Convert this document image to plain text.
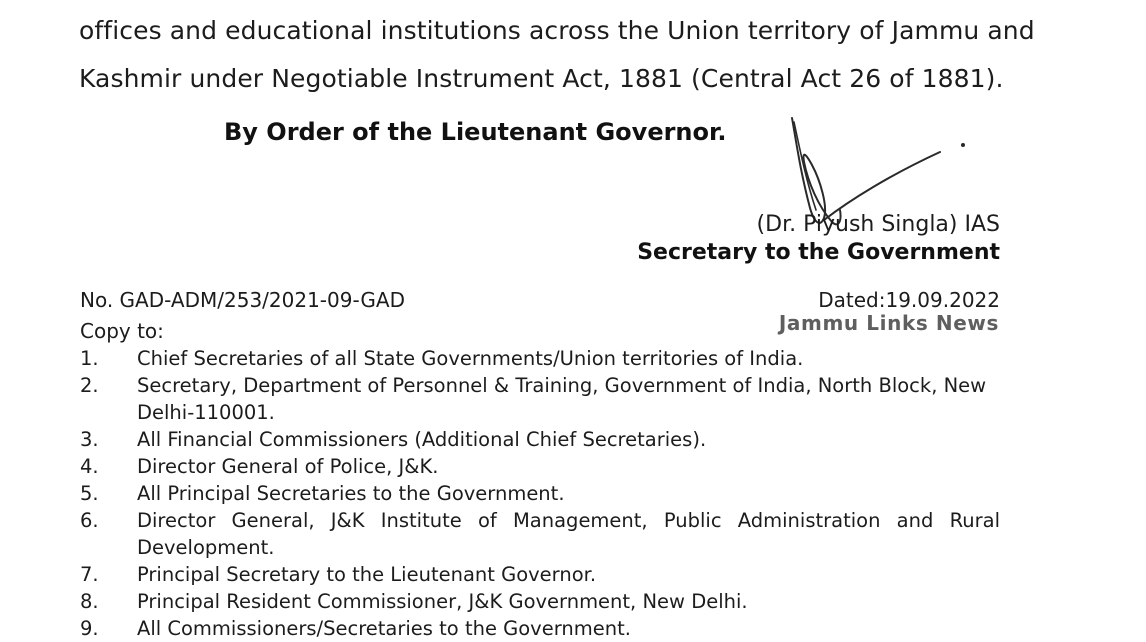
offices and educational institutions across the Union territory of Jammu and
Kashmir under Negotiable Instrument Act, 1881 (Central Act 26 of 1881).
By Order of the Lieutenant Governor.
(Dr. Piyush Singla) IAS
Secretary to the Government
No. GAD-ADM/253/2021-09-GAD	Dated:19.09.2022
Jammu Links News
Copy to:
1. Chief Secretaries of all State Governments/Union territories of India.
2. Secretary, Department of Personnel & Training, Government of India, North Block, New Delhi-110001.
3. All Financial Commissioners (Additional Chief Secretaries).
4. Director General of Police, J&K.
5. All Principal Secretaries to the Government.
6. Director General, J&K Institute of Management, Public Administration and Rural Development.
7. Principal Secretary to the Lieutenant Governor.
8. Principal Resident Commissioner, J&K Government, New Delhi.
9. All Commissioners/Secretaries to the Government.
